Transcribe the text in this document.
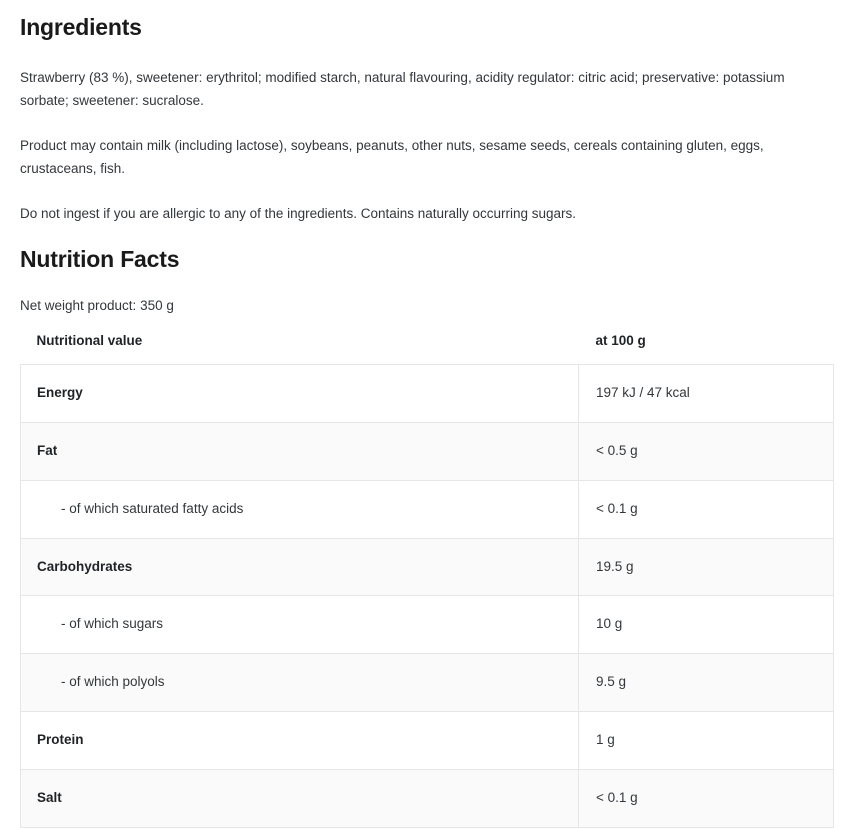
Ingredients

Strawberry (83 %), sweetener: erythritol; modified starch, natural flavouring, acidity regulator: citric acid; preservative: potassium sorbate; sweetener: sucralose.

Product may contain milk (including lactose), soybeans, peanuts, other nuts, sesame seeds, cereals containing gluten, eggs, crustaceans, fish.

Do not ingest if you are allergic to any of the ingredients. Contains naturally occurring sugars.

Nutrition Facts
Net weight product: 350 g
Nutritional value	at 100 g
Energy	197 kJ / 47 kcal
Fat	< 0.5 g
- of which saturated fatty acids	< 0.1 g
Carbohydrates	19.5 g
- of which sugars	10 g
- of which polyols	9.5 g
Protein	1 g
Salt	< 0.1 g
